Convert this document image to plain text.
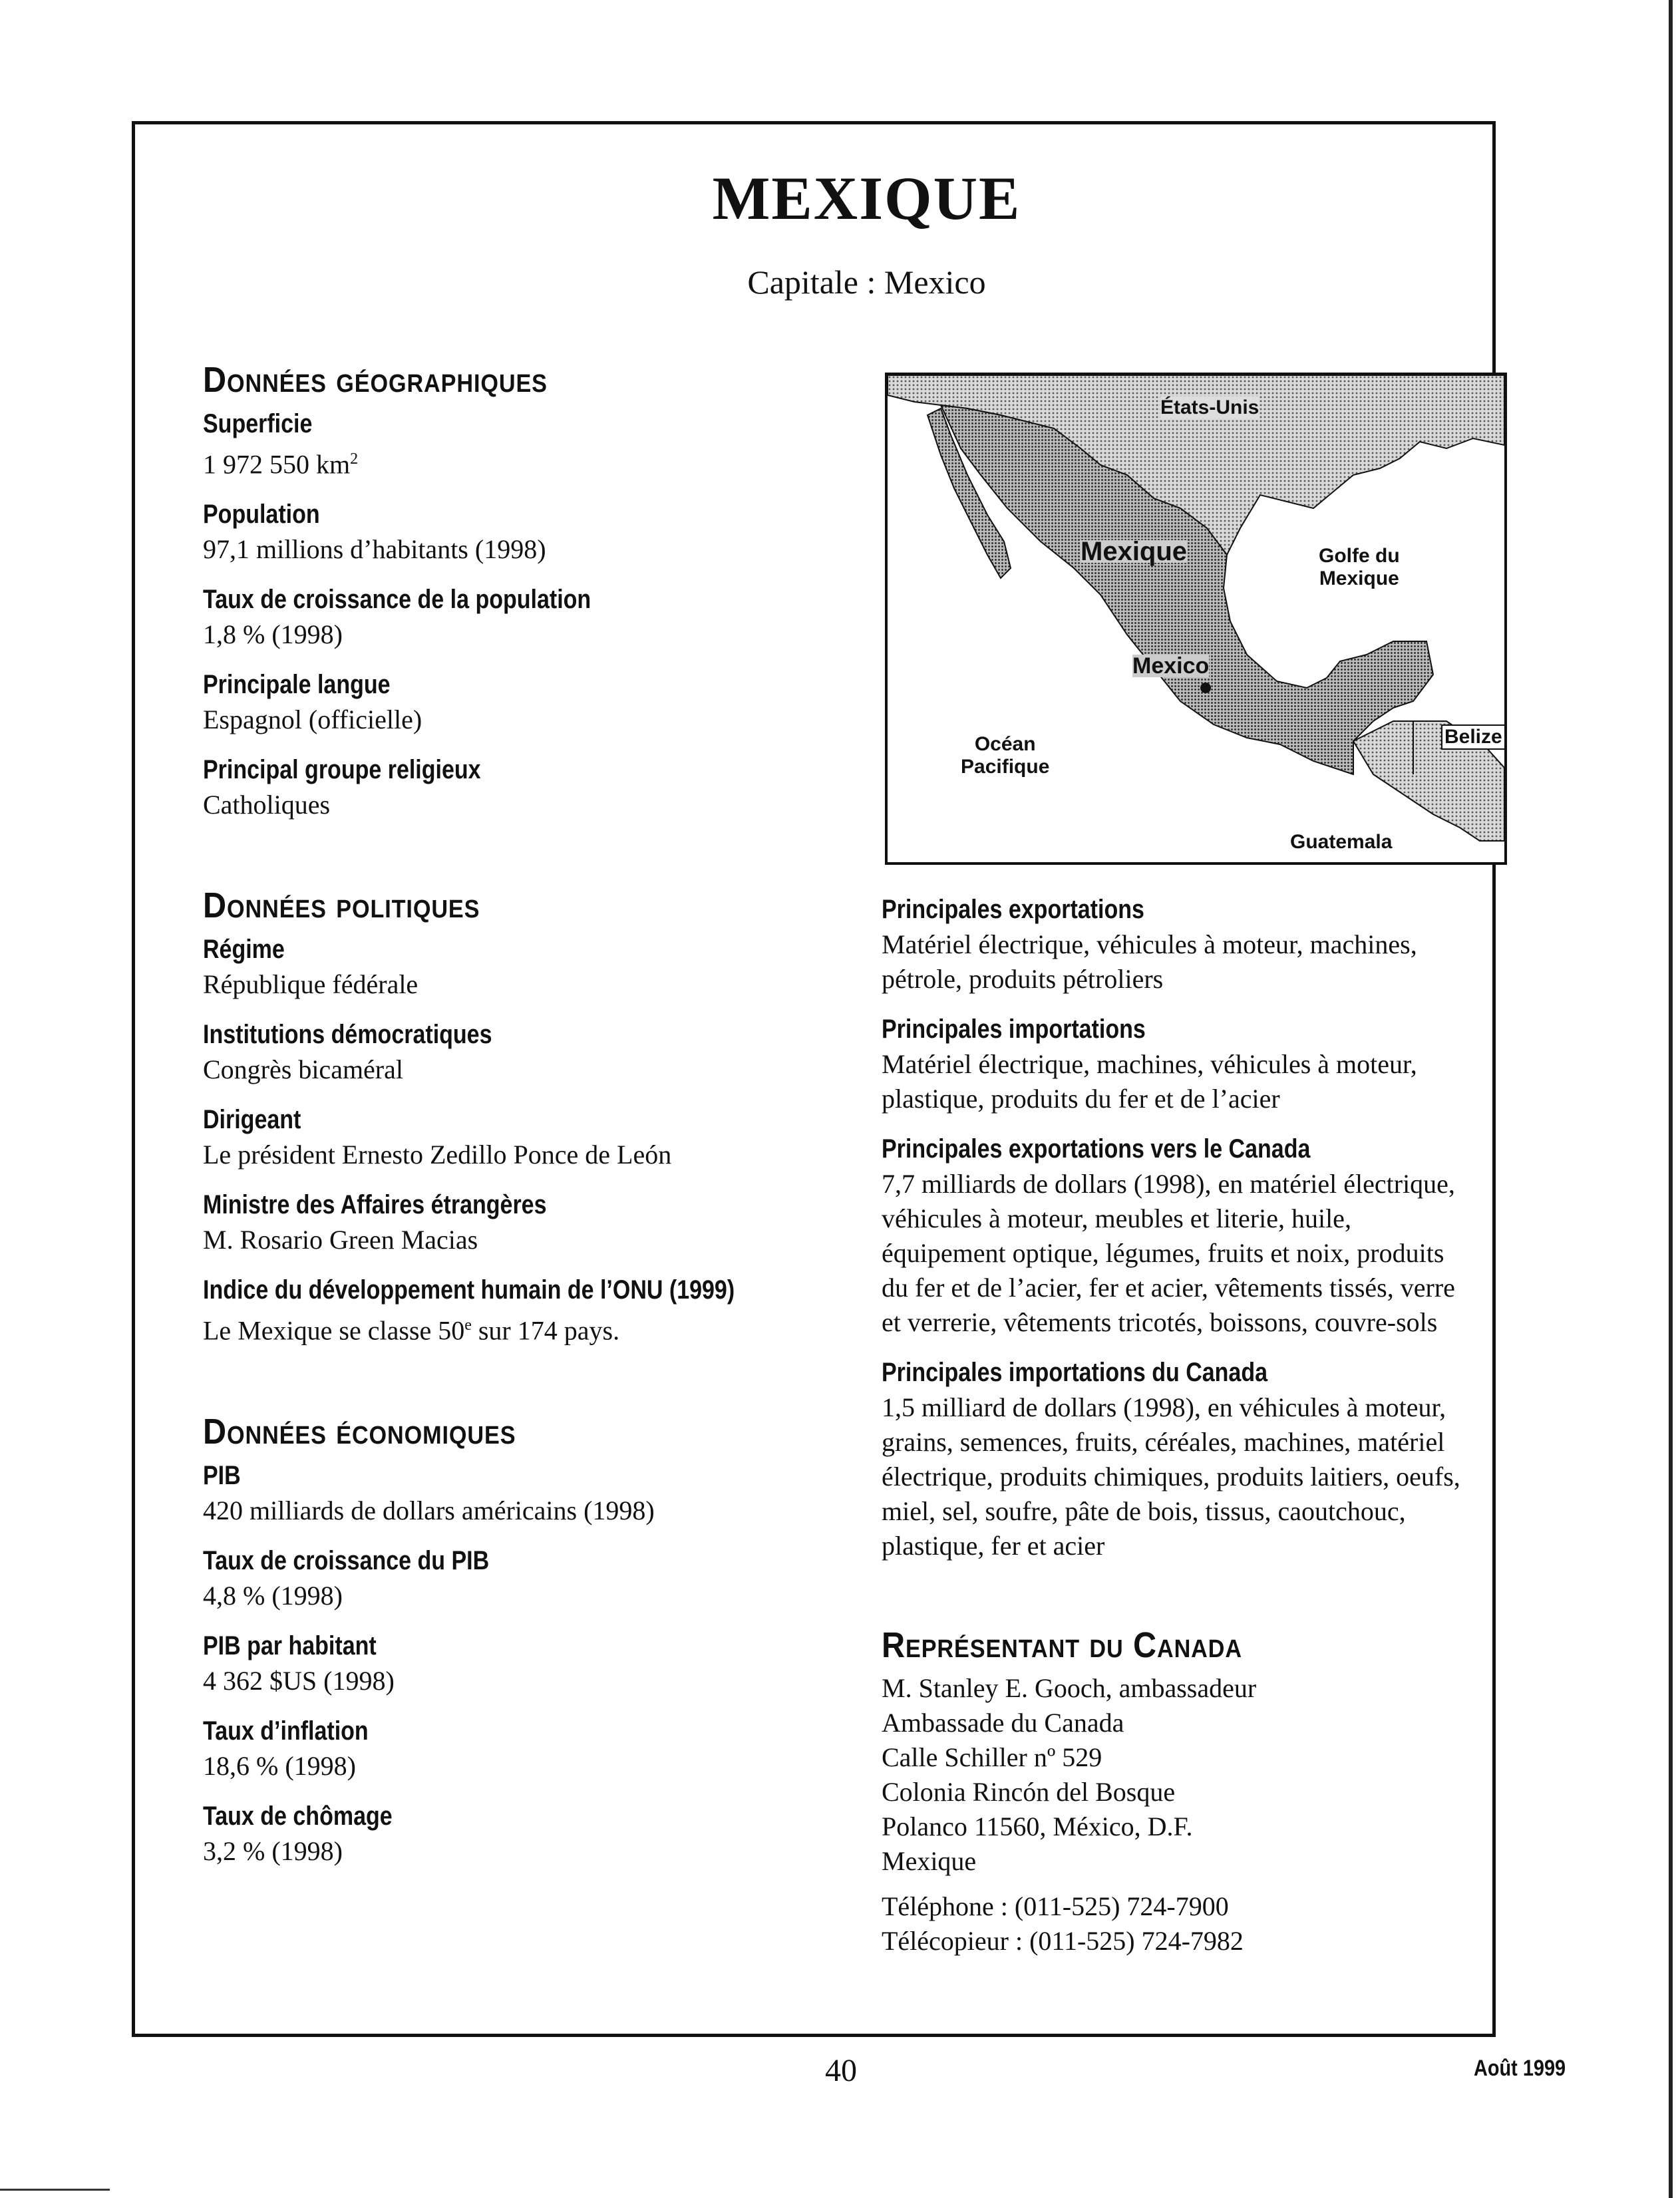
MEXIQUE
Capitale : Mexico
Données géographiques
Superficie
1 972 550 $km^2$
Population
97,1 millions d’habitants (1998)
Taux de croissance de la population
1,8 % (1998)
Principale langue
Espagnol (officielle)
Principal groupe religieux
Catholiques
Données politiques
Régime
République fédérale
Institutions démocratiques
Congrès bicaméral
Dirigeant
Le président Ernesto Zedillo Ponce de León
Ministre des Affaires étrangères
M. Rosario Green Macias
Indice du développement humain de l’ONU (1999)
Le Mexique se classe 50e sur 174 pays.
Données économiques
PIB
420 milliards de dollars américains (1998)
Taux de croissance du PIB
4,8 % (1998)
PIB par habitant
4 362 $US (1998)
Taux d’inflation
18,6 % (1998)
Taux de chômage
3,2 % (1998)
États-Unis
Mexique	Golfe du
Mexique
Mexico
Océan
Pacifique
Belize
Guatemala
Principales exportations
Matériel électrique, véhicules à moteur, machines,
pétrole, produits pétroliers
Principales importations
Matériel électrique, machines, véhicules à moteur,
plastique, produits du fer et de l’acier
Principales exportations vers le Canada
7,7 milliards de dollars (1998), en matériel électrique,
véhicules à moteur, meubles et literie, huile,
équipement optique, légumes, fruits et noix, produits
du fer et de l’acier, fer et acier, vêtements tissés, verre
et verrerie, vêtements tricotés, boissons, couvre-sols
Principales importations du Canada
1,5 milliard de dollars (1998), en véhicules à moteur,
grains, semences, fruits, céréales, machines, matériel
électrique, produits chimiques, produits laitiers, oeufs,
miel, sel, soufre, pâte de bois, tissus, caoutchouc,
plastique, fer et acier
Représentant du Canada
M. Stanley E. Gooch, ambassadeur
Ambassade du Canada
Calle Schiller nº 529
Colonia Rincón del Bosque
Polanco 11560, México, D.F.
Mexique
Téléphone : (011-525) 724-7900
Télécopieur : (011-525) 724-7982
40	Août 1999
